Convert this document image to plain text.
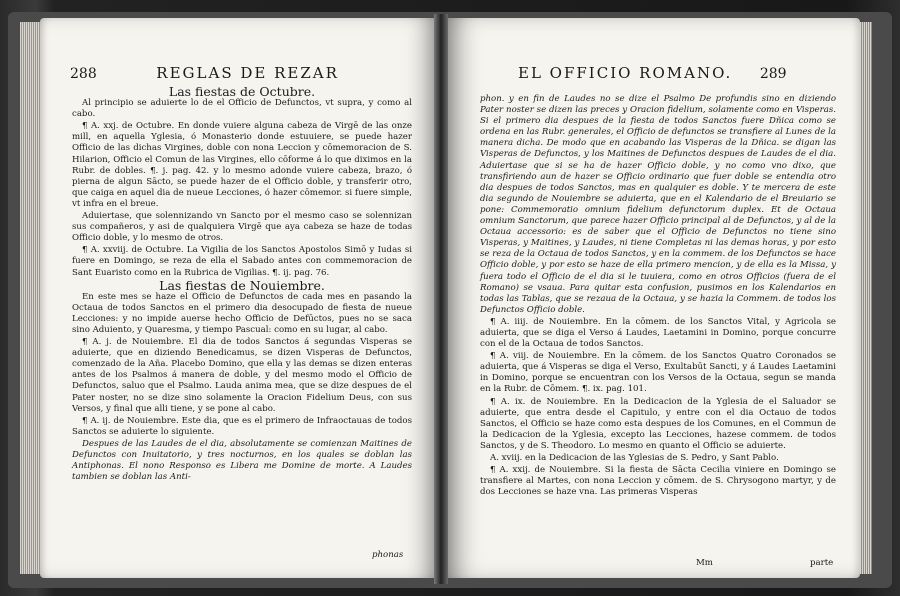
288	REGLAS DE REZAR

Las fiestas de Octubre.

Al principio se aduierte lo de el Officio de Defunctos, vt supra, y como al cabo.

¶ A. xxj. de Octubre. En donde vuiere alguna cabeza de Virgē de las onze mill, en aquella Yglesia, ó Monasterio donde estuuiere, se puede hazer Officio de las dichas Virgines, doble con nona Leccion y cōmemoracion de S. Hilarion, Officio el Comun de las Virgines, ello cōforme á lo que diximos en la Rubr. de dobles. ¶. j. pag. 42. y lo mesmo adonde vuiere cabeza, brazo, ó pierna de algun Sācto, se puede hazer de el Officio doble, y transferir otro, que caiga en aquel dia de nueue Lecciones, ó hazer cōmemor. si fuere simple, vt infra en el breue.

Aduiertase, que solennizando vn Sancto por el mesmo caso se solennizan sus compañeros, y asi de qualquiera Virgē que aya cabeza se haze de todas Officio doble, y lo mesmo de otros.

¶ A. xxviij. de Octubre. La Vigilia de los Sanctos Apostolos Simō y Iudas si fuere en Domingo, se reza de ella el Sabado antes con commemoracion de Sant Euaristo como en la Rubrica de Vigilias. ¶. ij. pag. 76.

Las fiestas de Nouiembre.

En este mes se haze el Officio de Defunctos de cada mes en pasando la Octaua de todos Sanctos en el primero dia desocupado de fiesta de nueue Lecciones: y no impide auerse hecho Officio de Defūctos, pues no se saca sino Aduiento, y Quaresma, y tiempo Pascual: como en su lugar, al cabo.

¶ A. j. de Nouiembre. El dia de todos Sanctos á segundas Visperas se aduierte, que en diziendo Benedicamus, se dizen Visperas de Defunctos, comenzado de la Aña. Placebo Domino, que ella y las demas se dizen enteras antes de los Psalmos á manera de doble, y del mesmo modo el Officio de Defunctos, saluo que el Psalmo. Lauda anima mea, que se dize despues de el Pater noster, no se dize sino solamente la Oracion Fidelium Deus, con sus Versos, y final que alli tiene, y se pone al cabo.

¶ A. ij. de Nouiembre. Este dia, que es el primero de Infraoctauas de todos Sanctos se aduierte lo siguiente.

Despues de las Laudes de el dia, absolutamente se comienzan Maitines de Defunctos con Inuitatorio, y tres nocturnos, en los quales se doblan las Antiphonas. El nono Responso es Libera me Domine de morte. A Laudes tambien se doblan las Anti-

phonas
EL OFFICIO ROMANO. 289

phon. y en fin de Laudes no se dize el Psalmo De profundis sino en diziendo Pater noster se dizen las preces y Oracion fidelium, solamente como en Visperas. Si el primero dia despues de la fiesta de todos Sanctos fuere Dñica como se ordena en las Rubr. generales, el Officio de defunctos se transfiere al Lunes de la manera dicha. De modo que en acabando las Visperas de la Dñica. se digan las Visperas de Defunctos, y los Maitines de Defunctos despues de Laudes de el dia. Aduiertase que si se ha de hazer Officio doble, y no como vno dixo, que transfiriendo aun de hazer se Officio ordinario que fuer doble se entendia otro dia despues de todos Sanctos, mas en qualquier es doble. Y te mercera de este dia segundo de Nouiembre se aduierta, que en el Kalendario de el Breuiario se pone: Commemoratio omnium fidelium defunctorum duplex. Et de Octaua omnium Sanctorum, que parece hazer Officio principal al de Defunctos, y al de la Octaua accessorio: es de saber que el Officio de Defunctos no tiene sino Visperas, y Maitines, y Laudes, ni tiene Completas ni las demas horas, y por esto se reza de la Octaua de todos Sanctos, y en la commem. de los Defunctos se hace Officio doble, y por esto se haze de ella primero mencion, y de ella es la Missa, y fuera todo el Officio de el dia si le tuuiera, como en otros Officios (fuera de el Romano) se vsaua. Para quitar esta confusion, pusimos en los Kalendarios en todas las Tablas, que se rezaua de la Octaua, y se hazia la Commem. de todos los Defunctos Officio doble.

¶ A. iiij. de Nouiembre. En la cōmem. de los Sanctos Vital, y Agricola se aduierta, que se diga el Verso á Laudes, Laetamini in Domino, porque concurre con el de la Octaua de todos Sanctos.

¶ A. viij. de Nouiembre. En la cōmem. de los Sanctos Quatro Coronados se aduierta, que á Visperas se diga el Verso, Exultabūt Sancti, y á Laudes Laetamini in Domino, porque se encuentran con los Versos de la Octaua, segun se manda en la Rubr. de Cōmem. ¶. ix. pag. 101.

¶ A. ix. de Nouiembre. En la Dedicacion de la Yglesia de el Saluador se aduierte, que entra desde el Capitulo, y entre con el dia Octauo de todos Sanctos, el Officio se haze como esta despues de los Comunes, en el Commun de la Dedicacion de la Yglesia, excepto las Lecciones, hazese commem. de todos Sanctos, y de S. Theodoro. Lo mesmo en quanto el Officio se aduierte.

A. xviij. en la Dedicacion de las Yglesias de S. Pedro, y Sant Pablo.

¶ A. xxij. de Nouiembre. Si la fiesta de Sācta Cecilia viniere en Domingo se transfiere al Martes, con nona Leccion y cōmem. de S. Chrysogono martyr, y de dos Lecciones se haze vna. Las primeras Visperas

Mm	parte
